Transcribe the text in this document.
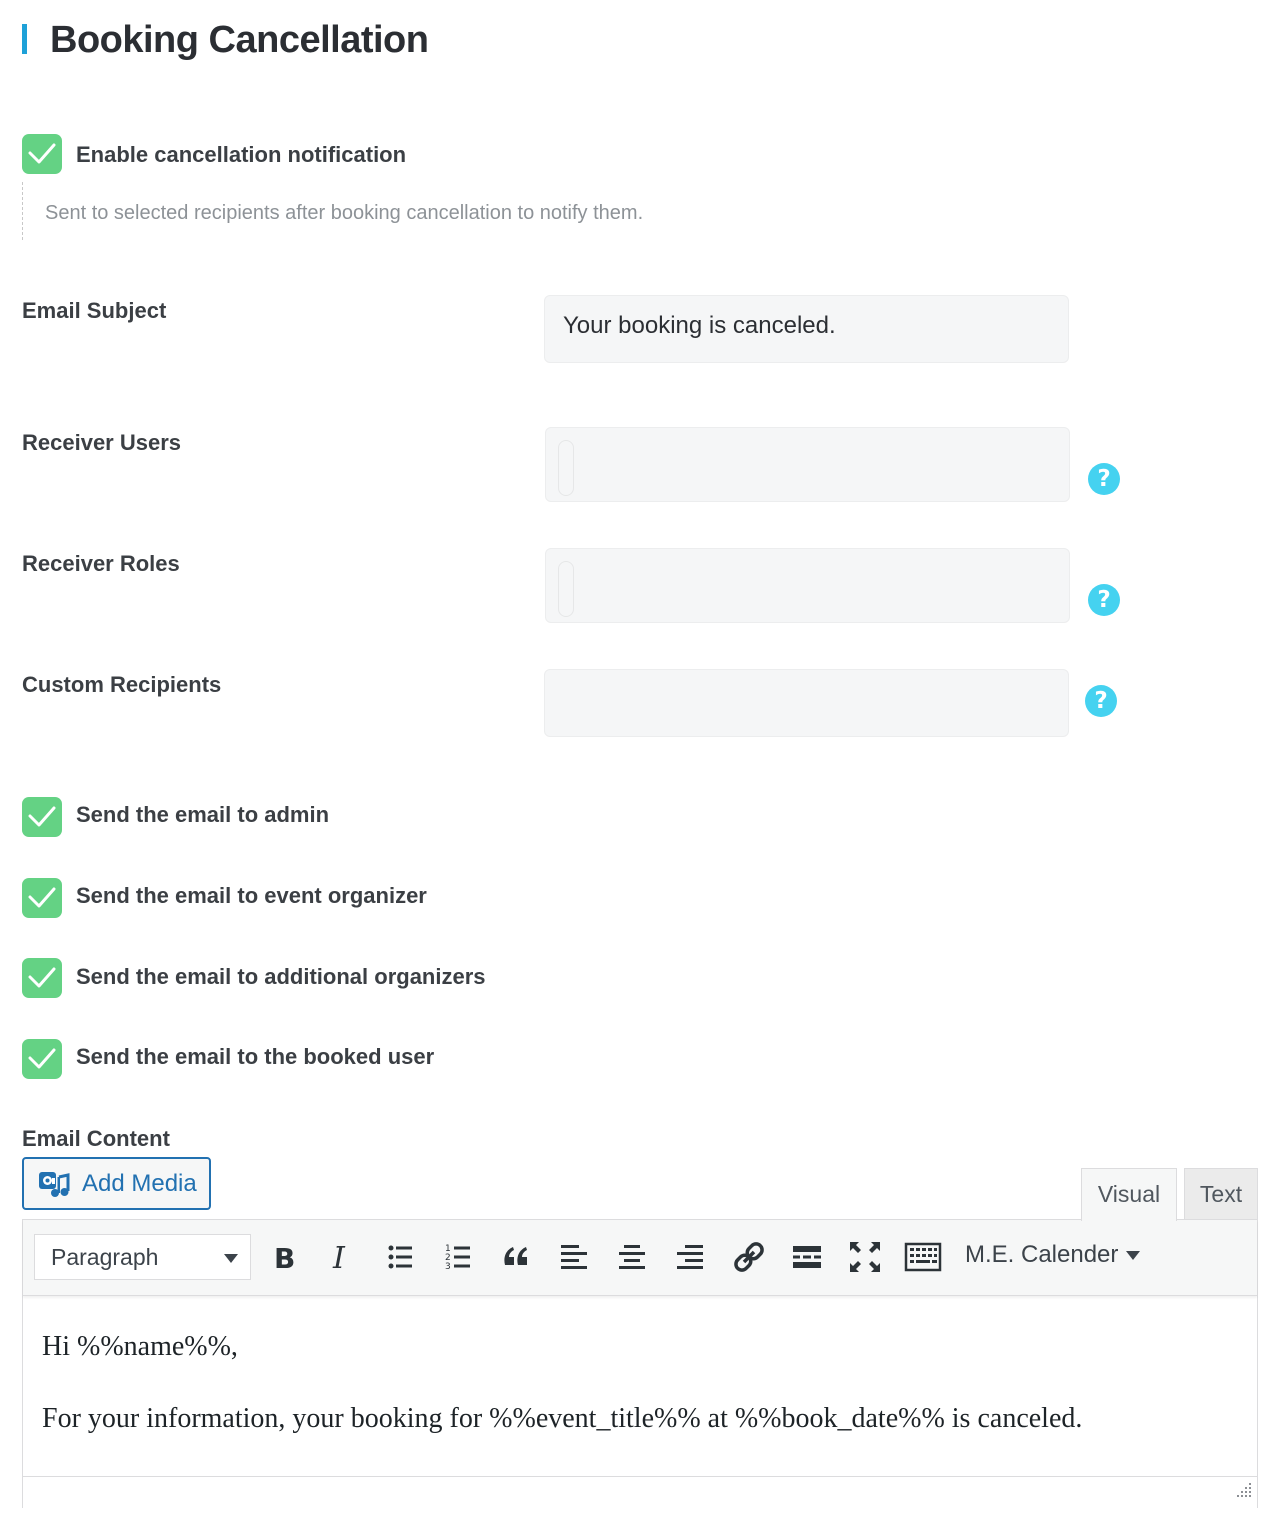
Booking Cancellation
Enable cancellation notification
Sent to selected recipients after booking cancellation to notify them.
Email Subject
Your booking is canceled.
Receiver Users
?
Receiver Roles
?
Custom Recipients
?
Send the email to admin
Send the email to event organizer
Send the email to additional organizers
Send the email to the booked user
Email Content
Add Media	Visual	Text
Paragraph	B I	1
2
3	M.E. Calender
Hi %%name%%,
For your information, your booking for %%event_title%% at %%book_date%% is canceled.
